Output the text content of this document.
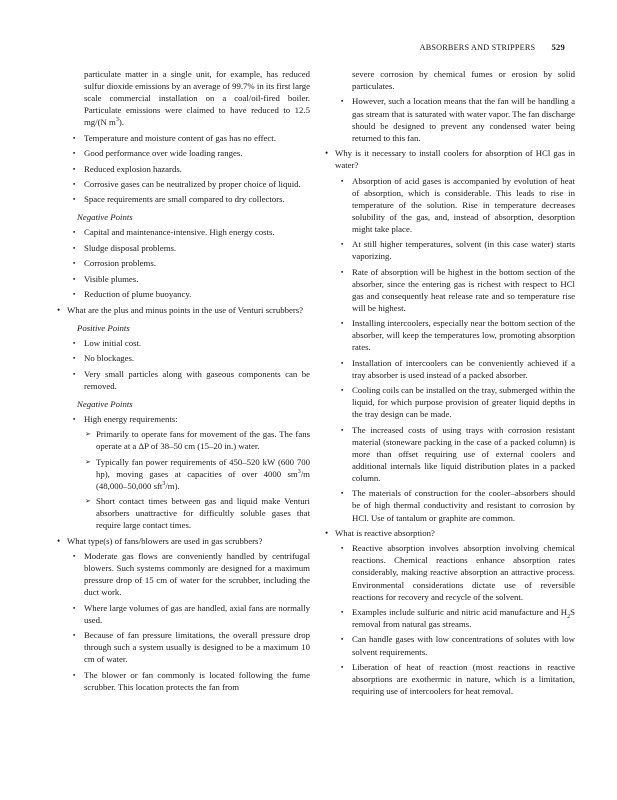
ABSORBERS AND STRIPPERS 529

particulate matter in a single unit, for example, has reduced sulfur dioxide emissions by an average of 99.7% in its first large scale commercial installation on a coal/oil-fired boiler. Particulate emissions were claimed to have reduced to 12.5 mg/(N $m^3$).

▪ Temperature and moisture content of gas has no effect.
▪ Good performance over wide loading ranges.
▪ Reduced explosion hazards.
▪ Corrosive gases can be neutralized by proper choice of liquid.
▪ Space requirements are small compared to dry collectors.

Negative Points

▪ Capital and maintenance-intensive. High energy costs.
▪ Sludge disposal problems.
▪ Corrosion problems.
▪ Visible plumes.
▪ Reduction of plume buoyancy.
• What are the plus and minus points in the use of Venturi scrubbers?

Positive Points

▪ Low initial cost.
▪ No blockages.
▪ Very small particles along with gaseous components can be removed.

Negative Points

▪ High energy requirements:
➢ Primarily to operate fans for movement of the gas. The fans operate at a ΔP of 38–50 cm (15–20 in.) water.
➢ Typically fan power requirements of 450–520 kW (600 700 hp), moving gases at capacities of over 4000 $sm^3/m$ (48,000–50,000 sft$^3$/m).
➢ Short contact times between gas and liquid make Venturi absorbers unattractive for difficultly soluble gases that require large contact times.
• What type(s) of fans/blowers are used in gas scrubbers?
▪ Moderate gas flows are conveniently handled by centrifugal blowers. Such systems commonly are designed for a maximum pressure drop of 15 cm of water for the scrubber, including the duct work.
▪ Where large volumes of gas are handled, axial fans are normally used.
▪ Because of fan pressure limitations, the overall pressure drop through such a system usually is designed to be a maximum 10 cm of water.
▪ The blower or fan commonly is located following the fume scrubber. This location protects the fan from

severe corrosion by chemical fumes or erosion by solid particulates.

▪ However, such a location means that the fan will be handling a gas stream that is saturated with water vapor. The fan discharge should be designed to prevent any condensed water being returned to this fan.
• Why is it necessary to install coolers for absorption of HCl gas in water?
▪ Absorption of acid gases is accompanied by evolution of heat of absorption, which is considerable. This leads to rise in temperature of the solution. Rise in temperature decreases solubility of the gas, and, instead of absorption, desorption might take place.
▪ At still higher temperatures, solvent (in this case water) starts vaporizing.
▪ Rate of absorption will be highest in the bottom section of the absorber, since the entering gas is richest with respect to HCl gas and consequently heat release rate and so temperature rise will be highest.
▪ Installing intercoolers, especially near the bottom section of the absorber, will keep the temperatures low, promoting absorption rates.
▪ Installation of intercoolers can be conveniently achieved if a tray absorber is used instead of a packed absorber.
▪ Cooling coils can be installed on the tray, submerged within the liquid, for which purpose provision of greater liquid depths in the tray design can be made.
▪ The increased costs of using trays with corrosion resistant material (stoneware packing in the case of a packed column) is more than offset requiring use of external coolers and additional internals like liquid distribution plates in a packed column.
▪ The materials of construction for the cooler–absorbers should be of high thermal conductivity and resistant to corrosion by HCl. Use of tantalum or graphite are common.
• What is reactive absorption?
▪ Reactive absorption involves absorption involving chemical reactions. Chemical reactions enhance absorption rates considerably, making reactive absorption an attractive process. Environmental considerations dictate use of reversible reactions for recovery and recycle of the solvent.
▪ Examples include sulfuric and nitric acid manufacture and $H_2S$ removal from natural gas streams.
▪ Can handle gases with low concentrations of solutes with low solvent requirements.
▪ Liberation of heat of reaction (most reactions in reactive absorptions are exothermic in nature, which is a limitation, requiring use of intercoolers for heat removal.
